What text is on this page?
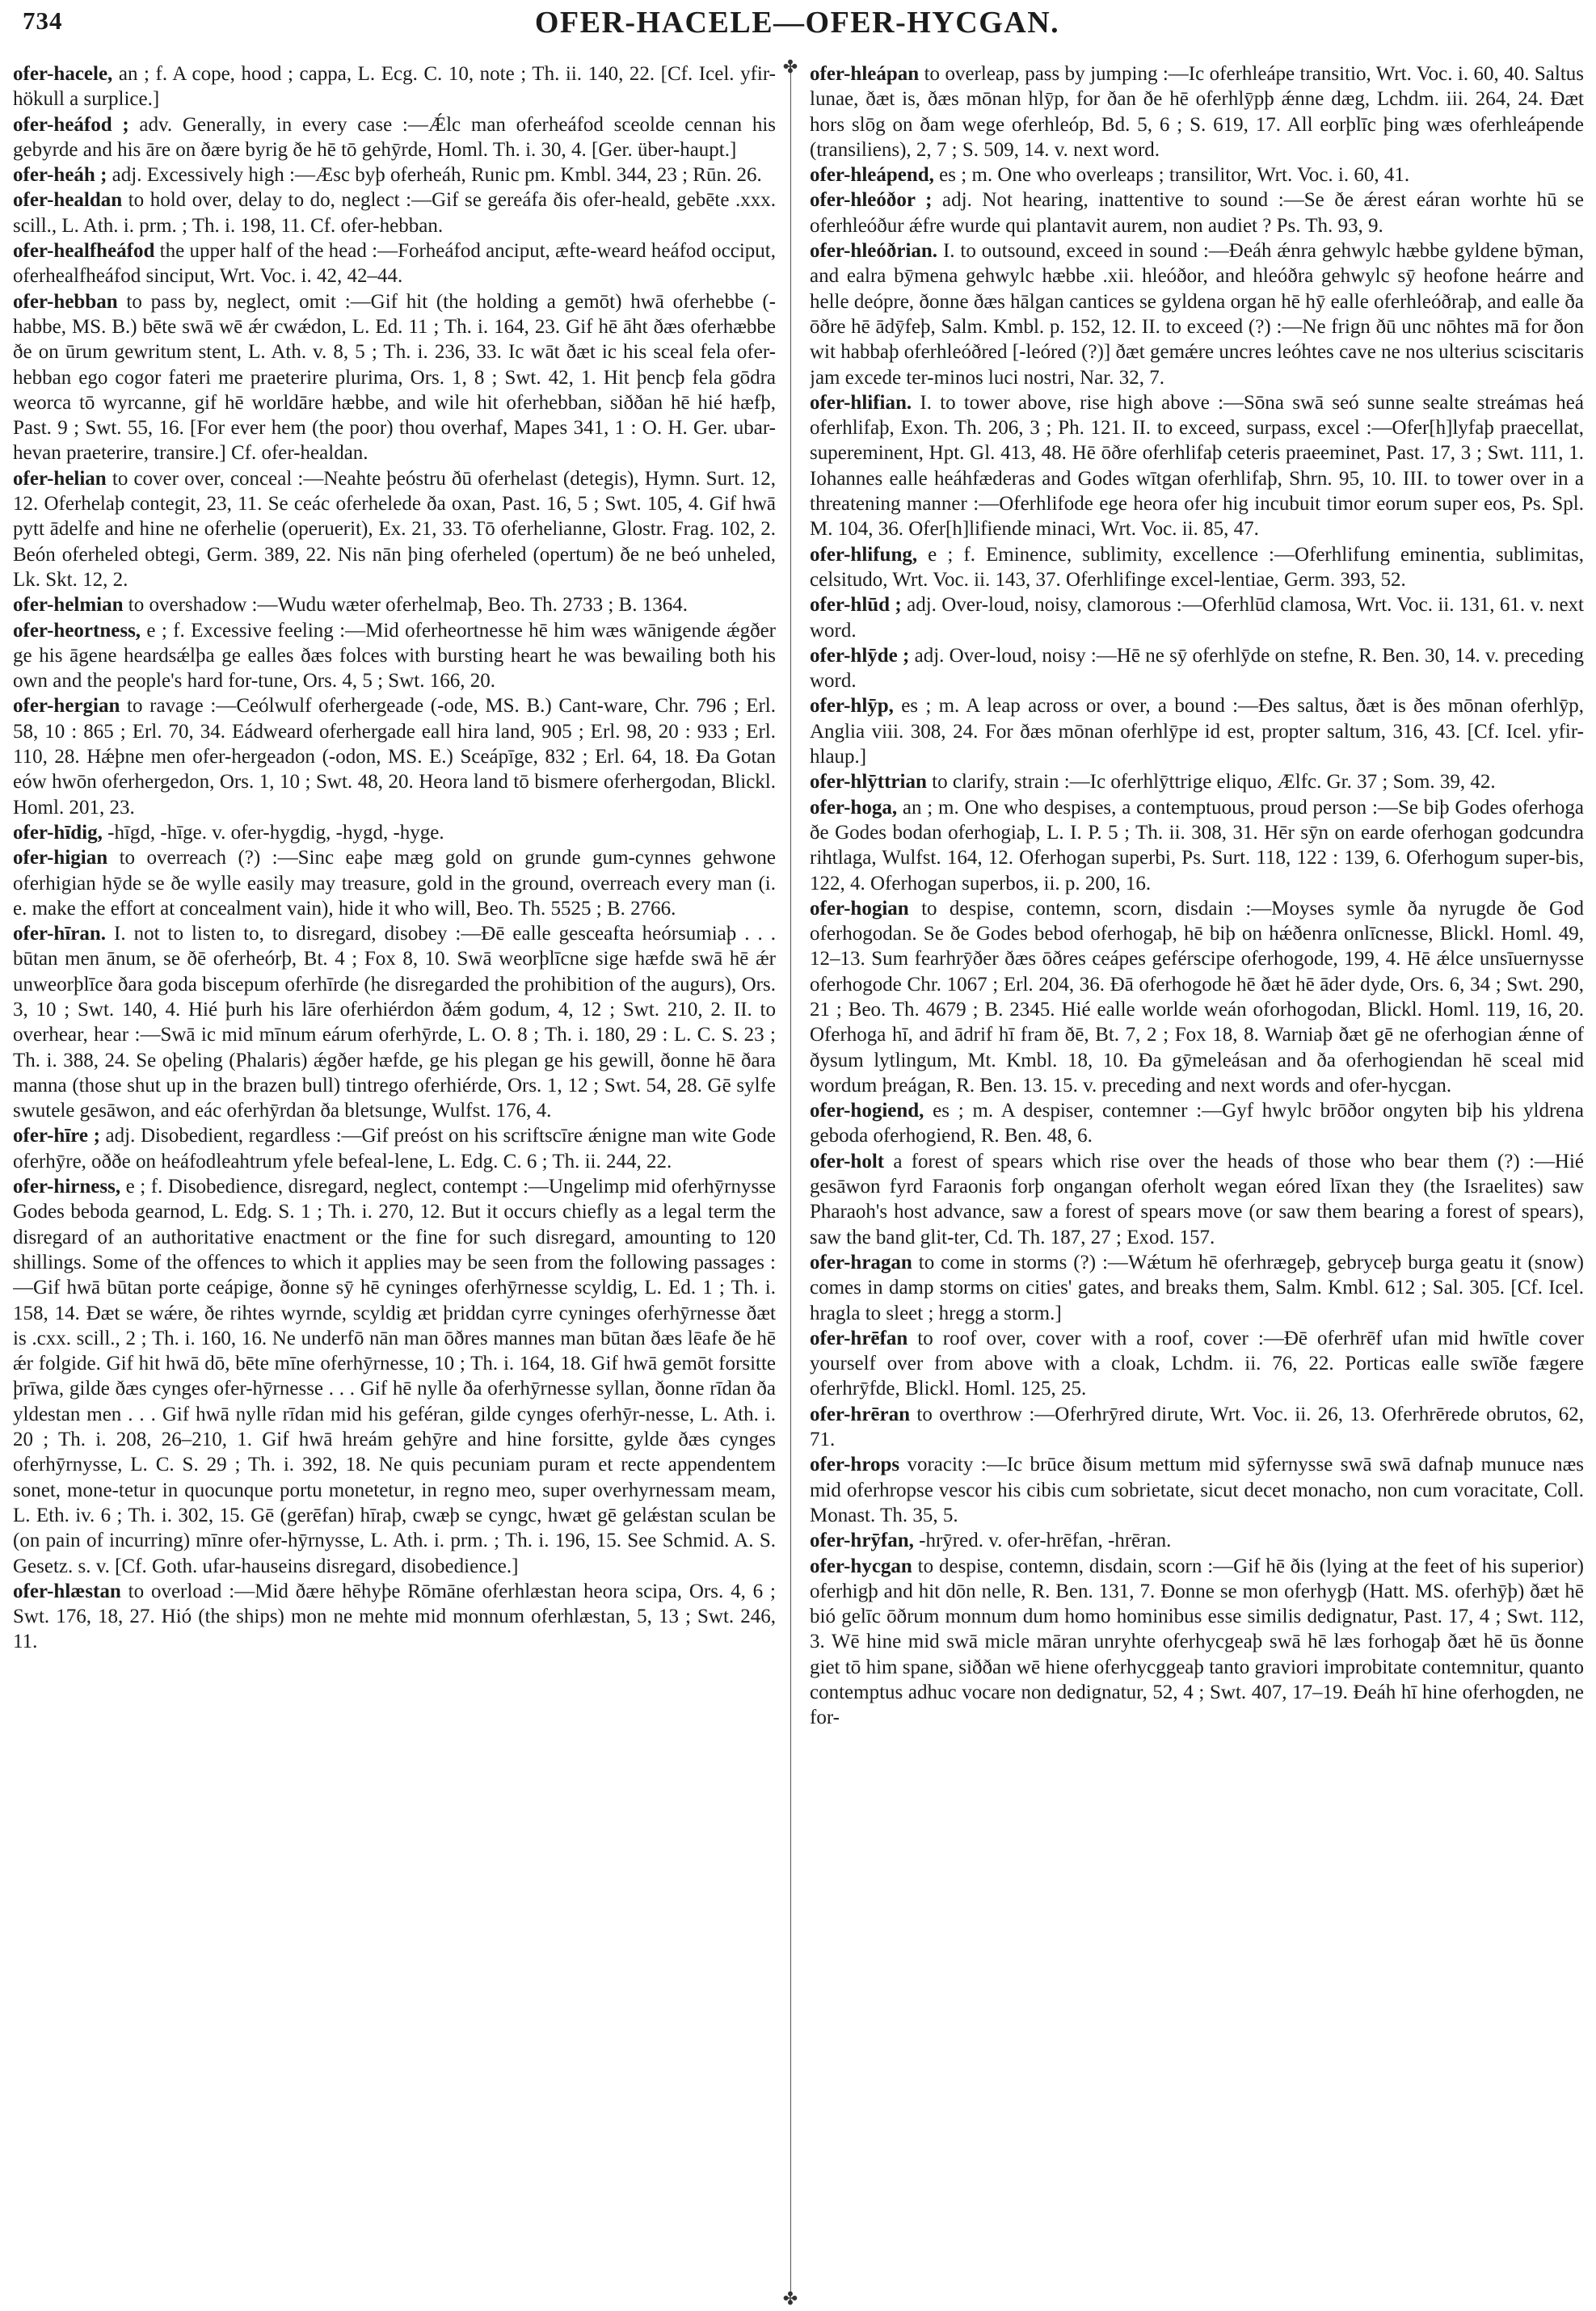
734	OFER-HACELE—OFER-HYCGAN.

ofer-hacele, an ; f. A cope, hood ; cappa, L. Ecg. C. 10, note ; Th. ii. 140, 22. [Cf. Icel. yfir-hökull a surplice.]

ofer-heáfod ; adv. Generally, in every case :—Ǽlc man oferheáfod sceolde cennan his gebyrde and his āre on ðære byrig ðe hē tō gehȳrde, Homl. Th. i. 30, 4. [Ger. über-haupt.]

ofer-heáh ; adj. Excessively high :—Æsc byþ oferheáh, Runic pm. Kmbl. 344, 23 ; Rūn. 26.

ofer-healdan to hold over, delay to do, neglect :—Gif se gereáfa ðis ofer-heald, gebēte .xxx. scill., L. Ath. i. prm. ; Th. i. 198, 11. Cf. ofer-hebban.

ofer-healfheáfod the upper half of the head :—Forheáfod anciput, æfte-weard heáfod occiput, oferhealfheáfod sinciput, Wrt. Voc. i. 42, 42–44.

ofer-hebban to pass by, neglect, omit :—Gif hit (the holding a gemōt) hwā oferhebbe (-habbe, MS. B.) bēte swā wē ǽr cwǽdon, L. Ed. 11 ; Th. i. 164, 23. Gif hē āht ðæs oferhæbbe ðe on ūrum gewritum stent, L. Ath. v. 8, 5 ; Th. i. 236, 33. Ic wāt ðæt ic his sceal fela ofer-hebban ego cogor fateri me praeterire plurima, Ors. 1, 8 ; Swt. 42, 1. Hit þencþ fela gōdra weorca tō wyrcanne, gif hē worldāre hæbbe, and wile hit oferhebban, siððan hē hié hæfþ, Past. 9 ; Swt. 55, 16. [For ever hem (the poor) thou overhaf, Mapes 341, 1 : O. H. Ger. ubar-hevan praeterire, transire.] Cf. ofer-healdan.

ofer-helian to cover over, conceal :—Neahte þeóstru ðū oferhelast (detegis), Hymn. Surt. 12, 12. Oferhelaþ contegit, 23, 11. Se ceác oferhelede ða oxan, Past. 16, 5 ; Swt. 105, 4. Gif hwā pytt ādelfe and hine ne oferhelie (operuerit), Ex. 21, 33. Tō oferhelianne, Glostr. Frag. 102, 2. Beón oferheled obtegi, Germ. 389, 22. Nis nān þing oferheled (opertum) ðe ne beó unheled, Lk. Skt. 12, 2.

ofer-helmian to overshadow :—Wudu wæter oferhelmaþ, Beo. Th. 2733 ; B. 1364.

ofer-heortness, e ; f. Excessive feeling :—Mid oferheortnesse hē him wæs wānigende ǽgðer ge his āgene heardsǽlþa ge ealles ðæs folces with bursting heart he was bewailing both his own and the people's hard for-tune, Ors. 4, 5 ; Swt. 166, 20.

ofer-hergian to ravage :—Ceólwulf oferhergeade (-ode, MS. B.) Cant-ware, Chr. 796 ; Erl. 58, 10 : 865 ; Erl. 70, 34. Eádweard oferhergade eall hira land, 905 ; Erl. 98, 20 : 933 ; Erl. 110, 28. Hǽþne men ofer-hergeadon (-odon, MS. E.) Sceápīge, 832 ; Erl. 64, 18. Ða Gotan eów hwōn oferhergedon, Ors. 1, 10 ; Swt. 48, 20. Heora land tō bismere oferhergodan, Blickl. Homl. 201, 23.

ofer-hīdig, -hīgd, -hīge. v. ofer-hygdig, -hygd, -hyge.

ofer-higian to overreach (?) :—Sinc eaþe mæg gold on grunde gum-cynnes gehwone oferhigian hȳde se ðe wylle easily may treasure, gold in the ground, overreach every man (i. e. make the effort at concealment vain), hide it who will, Beo. Th. 5525 ; B. 2766.

ofer-hīran. I. not to listen to, to disregard, disobey :—Ðē ealle gesceafta heórsumiaþ . . . būtan men ānum, se ðē oferheórþ, Bt. 4 ; Fox 8, 10. Swā weorþlīcne sige hæfde swā hē ǽr unweorþlīce ðara goda biscepum oferhīrde (he disregarded the prohibition of the augurs), Ors. 3, 10 ; Swt. 140, 4. Hié þurh his lāre oferhiérdon ðǽm godum, 4, 12 ; Swt. 210, 2. II. to overhear, hear :—Swā ic mid mīnum eárum oferhȳrde, L. O. 8 ; Th. i. 180, 29 : L. C. S. 23 ; Th. i. 388, 24. Se oþeling (Phalaris) ǽgðer hæfde, ge his plegan ge his gewill, ðonne hē ðara manna (those shut up in the brazen bull) tintrego oferhiérde, Ors. 1, 12 ; Swt. 54, 28. Gē sylfe swutele gesāwon, and eác oferhȳrdan ða bletsunge, Wulfst. 176, 4.

ofer-hīre ; adj. Disobedient, regardless :—Gif preóst on his scriftscīre ǽnigne man wite Gode oferhȳre, oððe on heáfodleahtrum yfele befeal-lene, L. Edg. C. 6 ; Th. ii. 244, 22.

ofer-hirness, e ; f. Disobedience, disregard, neglect, contempt :—Ungelimp mid oferhȳrnysse Godes beboda gearnod, L. Edg. S. 1 ; Th. i. 270, 12. But it occurs chiefly as a legal term the disregard of an authoritative enactment or the fine for such disregard, amounting to 120 shillings. Some of the offences to which it applies may be seen from the following passages :—Gif hwā būtan porte ceápige, ðonne sȳ hē cyninges oferhȳrnesse scyldig, L. Ed. 1 ; Th. i. 158, 14. Ðæt se wǽre, ðe rihtes wyrnde, scyldig æt þriddan cyrre cyninges oferhȳrnesse ðæt is .cxx. scill., 2 ; Th. i. 160, 16. Ne underfō nān man ōðres mannes man būtan ðæs lēafe ðe hē ǽr folgide. Gif hit hwā dō, bēte mīne oferhȳrnesse, 10 ; Th. i. 164, 18. Gif hwā gemōt forsitte þrīwa, gilde ðæs cynges ofer-hȳrnesse . . . Gif hē nylle ða oferhȳrnesse syllan, ðonne rīdan ða yldestan men . . . Gif hwā nylle rīdan mid his geféran, gilde cynges oferhȳr-nesse, L. Ath. i. 20 ; Th. i. 208, 26–210, 1. Gif hwā hreám gehȳre and hine forsitte, gylde ðæs cynges oferhȳrnysse, L. C. S. 29 ; Th. i. 392, 18. Ne quis pecuniam puram et recte appendentem sonet, mone-tetur in quocunque portu monetetur, in regno meo, super overhyrnessam meam, L. Eth. iv. 6 ; Th. i. 302, 15. Gē (gerēfan) hīraþ, cwæþ se cyngc, hwæt gē gelǽstan sculan be (on pain of incurring) mīnre ofer-hȳrnysse, L. Ath. i. prm. ; Th. i. 196, 15. See Schmid. A. S. Gesetz. s. v. [Cf. Goth. ufar-hauseins disregard, disobedience.]

ofer-hlæstan to overload :—Mid ðære hēhyþe Rōmāne oferhlæstan heora scipa, Ors. 4, 6 ; Swt. 176, 18, 27. Hió (the ships) mon ne mehte mid monnum oferhlæstan, 5, 13 ; Swt. 246, 11.

✤
✤

ofer-hleápan to overleap, pass by jumping :—Ic oferhleápe transitio, Wrt. Voc. i. 60, 40. Saltus lunae, ðæt is, ðæs mōnan hlȳp, for ðan ðe hē oferhlȳpþ ǽnne dæg, Lchdm. iii. 264, 24. Ðæt hors slōg on ðam wege oferhleóp, Bd. 5, 6 ; S. 619, 17. All eorþlīc þing wæs oferhleápende (transiliens), 2, 7 ; S. 509, 14. v. next word.

ofer-hleápend, es ; m. One who overleaps ; transilitor, Wrt. Voc. i. 60, 41.

ofer-hleóðor ; adj. Not hearing, inattentive to sound :—Se ðe ǽrest eáran worhte hū se oferhleóður ǽfre wurde qui plantavit aurem, non audiet ? Ps. Th. 93, 9.

ofer-hleóðrian. I. to outsound, exceed in sound :—Ðeáh ǽnra gehwylc hæbbe gyldene bȳman, and ealra bȳmena gehwylc hæbbe .xii. hleóðor, and hleóðra gehwylc sȳ heofone heárre and helle deópre, ðonne ðæs hālgan cantices se gyldena organ hē hȳ ealle oferhleóðraþ, and ealle ða ōðre hē ādȳfeþ, Salm. Kmbl. p. 152, 12. II. to exceed (?) :—Ne frign ðū unc nōhtes mā for ðon wit habbaþ oferhleóðred [-leóred (?)] ðæt gemǽre uncres leóhtes cave ne nos ulterius sciscitaris jam excede ter-minos luci nostri, Nar. 32, 7.

ofer-hlifian. I. to tower above, rise high above :—Sōna swā seó sunne sealte streámas heá oferhlifaþ, Exon. Th. 206, 3 ; Ph. 121. II. to exceed, surpass, excel :—Ofer[h]lyfaþ praecellat, supereminent, Hpt. Gl. 413, 48. Hē ōðre oferhlifaþ ceteris praeeminet, Past. 17, 3 ; Swt. 111, 1. Iohannes ealle heáhfæderas and Godes wītgan oferhlifaþ, Shrn. 95, 10. III. to tower over in a threatening manner :—Oferhlifode ege heora ofer hig incubuit timor eorum super eos, Ps. Spl. M. 104, 36. Ofer[h]lifiende minaci, Wrt. Voc. ii. 85, 47.

ofer-hlifung, e ; f. Eminence, sublimity, excellence :—Oferhlifung eminentia, sublimitas, celsitudo, Wrt. Voc. ii. 143, 37. Oferhlifinge excel-lentiae, Germ. 393, 52.

ofer-hlūd ; adj. Over-loud, noisy, clamorous :—Oferhlūd clamosa, Wrt. Voc. ii. 131, 61. v. next word.

ofer-hlȳde ; adj. Over-loud, noisy :—Hē ne sȳ oferhlȳde on stefne, R. Ben. 30, 14. v. preceding word.

ofer-hlȳp, es ; m. A leap across or over, a bound :—Ðes saltus, ðæt is ðes mōnan oferhlȳp, Anglia viii. 308, 24. For ðæs mōnan oferhlȳpe id est, propter saltum, 316, 43. [Cf. Icel. yfir-hlaup.]

ofer-hlȳttrian to clarify, strain :—Ic oferhlȳttrige eliquo, Ælfc. Gr. 37 ; Som. 39, 42.

ofer-hoga, an ; m. One who despises, a contemptuous, proud person :—Se biþ Godes oferhoga ðe Godes bodan oferhogiaþ, L. I. P. 5 ; Th. ii. 308, 31. Hēr sȳn on earde oferhogan godcundra rihtlaga, Wulfst. 164, 12. Oferhogan superbi, Ps. Surt. 118, 122 : 139, 6. Oferhogum super-bis, 122, 4. Oferhogan superbos, ii. p. 200, 16.

ofer-hogian to despise, contemn, scorn, disdain :—Moyses symle ða nyrugde ðe God oferhogodan. Se ðe Godes bebod oferhogaþ, hē biþ on hǽðenra onlīcnesse, Blickl. Homl. 49, 12–13. Sum fearhrȳðer ðæs ōðres ceápes geférscipe oferhogode, 199, 4. Hē ǽlce unsīuernysse oferhogode Chr. 1067 ; Erl. 204, 36. Ðā oferhogode hē ðæt hē āder dyde, Ors. 6, 34 ; Swt. 290, 21 ; Beo. Th. 4679 ; B. 2345. Hié ealle worlde weán oforhogodan, Blickl. Homl. 119, 16, 20. Oferhoga hī, and ādrif hī fram ðē, Bt. 7, 2 ; Fox 18, 8. Warniaþ ðæt gē ne oferhogian ǽnne of ðysum lytlingum, Mt. Kmbl. 18, 10. Ða gȳmeleásan and ða oferhogiendan hē sceal mid wordum þreágan, R. Ben. 13. 15. v. preceding and next words and ofer-hycgan.

ofer-hogiend, es ; m. A despiser, contemner :—Gyf hwylc brōðor ongyten biþ his yldrena geboda oferhogiend, R. Ben. 48, 6.

ofer-holt a forest of spears which rise over the heads of those who bear them (?) :—Hié gesāwon fyrd Faraonis forþ ongangan oferholt wegan eóred līxan they (the Israelites) saw Pharaoh's host advance, saw a forest of spears move (or saw them bearing a forest of spears), saw the band glit-ter, Cd. Th. 187, 27 ; Exod. 157.

ofer-hragan to come in storms (?) :—Wǽtum hē oferhrægeþ, gebryceþ burga geatu it (snow) comes in damp storms on cities' gates, and breaks them, Salm. Kmbl. 612 ; Sal. 305. [Cf. Icel. hragla to sleet ; hregg a storm.]

ofer-hrēfan to roof over, cover with a roof, cover :—Ðē oferhrēf ufan mid hwītle cover yourself over from above with a cloak, Lchdm. ii. 76, 22. Porticas ealle swīðe fægere oferhrȳfde, Blickl. Homl. 125, 25.

ofer-hrēran to overthrow :—Oferhrȳred dirute, Wrt. Voc. ii. 26, 13. Oferhrērede obrutos, 62, 71.

ofer-hrops voracity :—Ic brūce ðisum mettum mid sȳfernysse swā swā dafnaþ munuce næs mid oferhropse vescor his cibis cum sobrietate, sicut decet monacho, non cum voracitate, Coll. Monast. Th. 35, 5.

ofer-hrȳfan, -hrȳred. v. ofer-hrēfan, -hrēran.

ofer-hycgan to despise, contemn, disdain, scorn :—Gif hē ðis (lying at the feet of his superior) oferhigþ and hit dōn nelle, R. Ben. 131, 7. Ðonne se mon oferhygþ (Hatt. MS. oferhȳþ) ðæt hē bió gelīc ōðrum monnum dum homo hominibus esse similis dedignatur, Past. 17, 4 ; Swt. 112, 3. Wē hine mid swā micle māran unryhte oferhycgeaþ swā hē læs forhogaþ ðæt hē ūs ðonne giet tō him spane, siððan wē hiene oferhycggeaþ tanto graviori improbitate contemnitur, quanto contemptus adhuc vocare non dedignatur, 52, 4 ; Swt. 407, 17–19. Ðeáh hī hine oferhogden, ne for-
